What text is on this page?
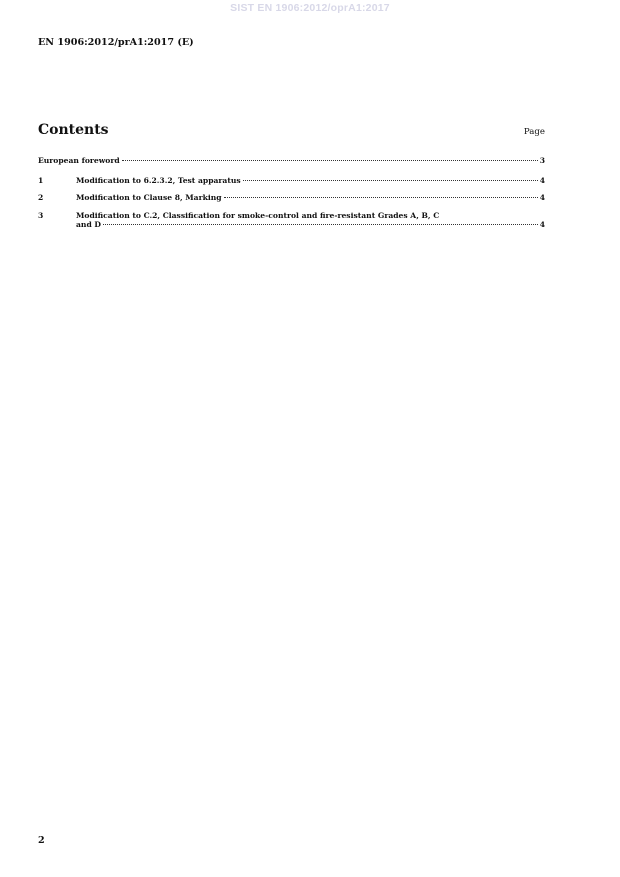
SIST EN 1906:2012/oprA1:2017
EN 1906:2012/prA1:2017 (E)
Contents	Page
European foreword	3
1	Modification to 6.2.3.2, Test apparatus	4
2	Modification to Clause 8, Marking	4
3	Modification to C.2, Classification for smoke-control and fire-resistant Grades A, B, C
and D	4
2
